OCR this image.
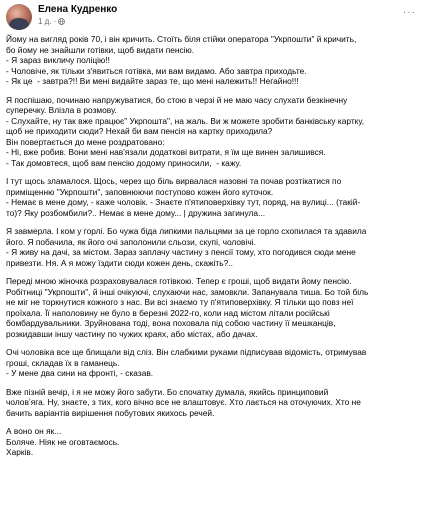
Елена Кудренко
1 д. ·
···

Йому на вигляд років 70, і він кричить. Стоїть біля стійки оператора "Укрпошти" й кричить,
бо йому не знайшли готівки, щоб видати пенсію.
- Я зараз викличу поліцію!!
- Чоловіче, як тільки з'явиться готівка, ми вам видамо. Або завтра приходьте.
- Як це  - завтра?!! Ви мені видайте зараз те, що мені належить!! Негайно!!!

Я поспішаю, починаю напружуватися, бо стою в черзі й не маю часу слухати безкінечну
суперечку. Влізла в розмову.
- Слухайте, ну так вже працює" Укрпошта", на жаль. Ви ж можете зробити банківську картку,
щоб не приходити сюди? Нехай би вам пенсія на картку приходила?
Він повертається до мене роздратовано:
- Ні, вже робив. Вони мені нав'язали додаткові витрати, я їм ще винен залишився.
- Так домовтеся, щоб вам пенсію додому приносили,  - кажу.

І тут щось зламалося. Щось, через що біль вирвалася назовні та почав розтікатися по
приміщенню "Укрпошти", заповнюючи поступово кожен його куточок.
- Немає в мене дому, - каже чоловік. - Знаєте п'ятиповерхівку тут, поряд, на вулиці... (такій-
то)? Яку розбомбили?.. Немає в мене дому... | дружина загинула...

Я завмерла. І ком у горлі. Бо чужа біда липкими пальцями за це горло схопилася та здавила
його. Я побачила, як його очі заполонили сльози, скупі, чоловічі.
- Я живу на дачі, за містом. Зараз заплачу частину з пенсії тому, хто погодився сюди мене
привезти. Ня. А я можу їздити сюди кожен день, скажіть?..

Переді мною жіночка розраховувалася готівкою. Тепер є гроші, щоб видати йому пенсію.
Робітниці "Укрпошти", й інші очікуючі, слухаючи нас, замовкли. Запанувала тиша. Бо той біль
не міг не торкнутися кожного з нас. Ви всі знаємо ту п'ятиповерхівку. Я тільки що повз неї
проїхала. Її наполовину не було в березні 2022-го, коли над містом літали російські
бомбардувальники. Зруйнована тоді, вона поховала під собою частину її мешканців,
розкидавши іншу частину по чужих краях, або містах, або дачах.

Очі чоловіка все ще блищали від сліз. Він слабкими руками підписував відомість, отримував
гроші, складав їх в гаманець.
- У мене два сини на фронті, - сказав.

Вже пізній вечір, і я не можу його забути. Бо спочатку думала, якийсь принциповий
чоловʼяга. Ну, знаєте, з тих, кого вічно все не влаштовує. Хто лається на оточуючих. Хто не
бачить варіантів вирішення побутових якихось речей.

А воно он як...
Боляче. Ніяк не оговтаємось.
Харків.
